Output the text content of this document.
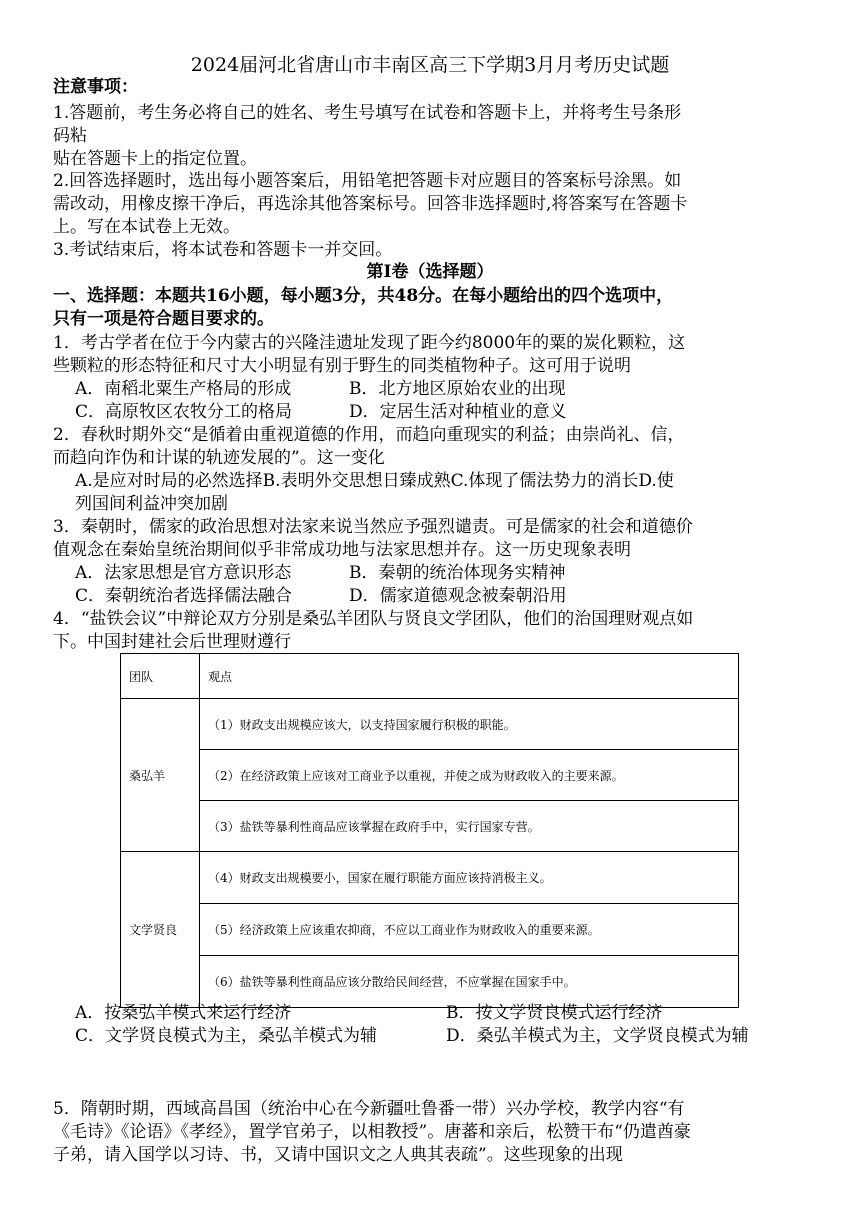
2024届河北省唐山市丰南区高三下学期3月月考历史试题
注意事项：
1.答题前，考生务必将自己的姓名、考生号填写在试卷和答题卡上，并将考生号条形
码粘
贴在答题卡上的指定位置。
2.回答选择题时，选出每小题答案后，用铅笔把答题卡对应题目的答案标号涂黑。如
需改动，用橡皮擦干净后，再选涂其他答案标号。回答非选择题时,将答案写在答题卡
上。写在本试卷上无效。
3.考试结束后，将本试卷和答题卡一并交回。
第Ⅰ卷（选择题）
一、选择题：本题共16小题，每小题3分，共48分。在每小题给出的四个选项中，
只有一项是符合题目要求的。
1．考古学者在位于今内蒙古的兴隆洼遗址发现了距今约8000年的粟的炭化颗粒，这
些颗粒的形态特征和尺寸大小明显有别于野生的同类植物种子。这可用于说明
A．南稻北粟生产格局的形成	B．北方地区原始农业的出现
C．高原牧区农牧分工的格局	D．定居生活对种植业的意义
2．春秋时期外交“是循着由重视道德的作用，而趋向重现实的利益；由崇尚礼、信，
而趋向诈伪和计谋的轨迹发展的”。这一变化
A.是应对时局的必然选择B.表明外交思想日臻成熟C.体现了儒法势力的消长D.使
列国间利益冲突加剧
3．秦朝时，儒家的政治思想对法家来说当然应予强烈谴责。可是儒家的社会和道德价
值观念在秦始皇统治期间似乎非常成功地与法家思想并存。这一历史现象表明
A．法家思想是官方意识形态	B．秦朝的统治体现务实精神
C．秦朝统治者选择儒法融合	D．儒家道德观念被秦朝沿用
4．“盐铁会议”中辩论双方分别是桑弘羊团队与贤良文学团队，他们的治国理财观点如
下。中国封建社会后世理财遵行
团队	观点
桑弘羊	（1）财政支出规模应该大，以支持国家履行积极的职能。
	（2）在经济政策上应该对工商业予以重视，并使之成为财政收入的主要来源。
	（3）盐铁等暴利性商品应该掌握在政府手中，实行国家专营。
文学贤良	（4）财政支出规模要小，国家在履行职能方面应该持消极主义。
	（5）经济政策上应该重农抑商，不应以工商业作为财政收入的重要来源。
	（6）盐铁等暴利性商品应该分散给民间经营，不应掌握在国家手中。
A．按桑弘羊模式来运行经济	B．按文学贤良模式运行经济
C．文学贤良模式为主，桑弘羊模式为辅	D．桑弘羊模式为主，文学贤良模式为辅
5．隋朝时期，西域高昌国（统治中心在今新疆吐鲁番一带）兴办学校，教学内容“有
《毛诗》《论语》《孝经》，置学官弟子，以相教授”。唐蕃和亲后，松赞干布“仍遣酋豪
子弟，请入国学以习诗、书，又请中国识文之人典其表疏”。这些现象的出现
